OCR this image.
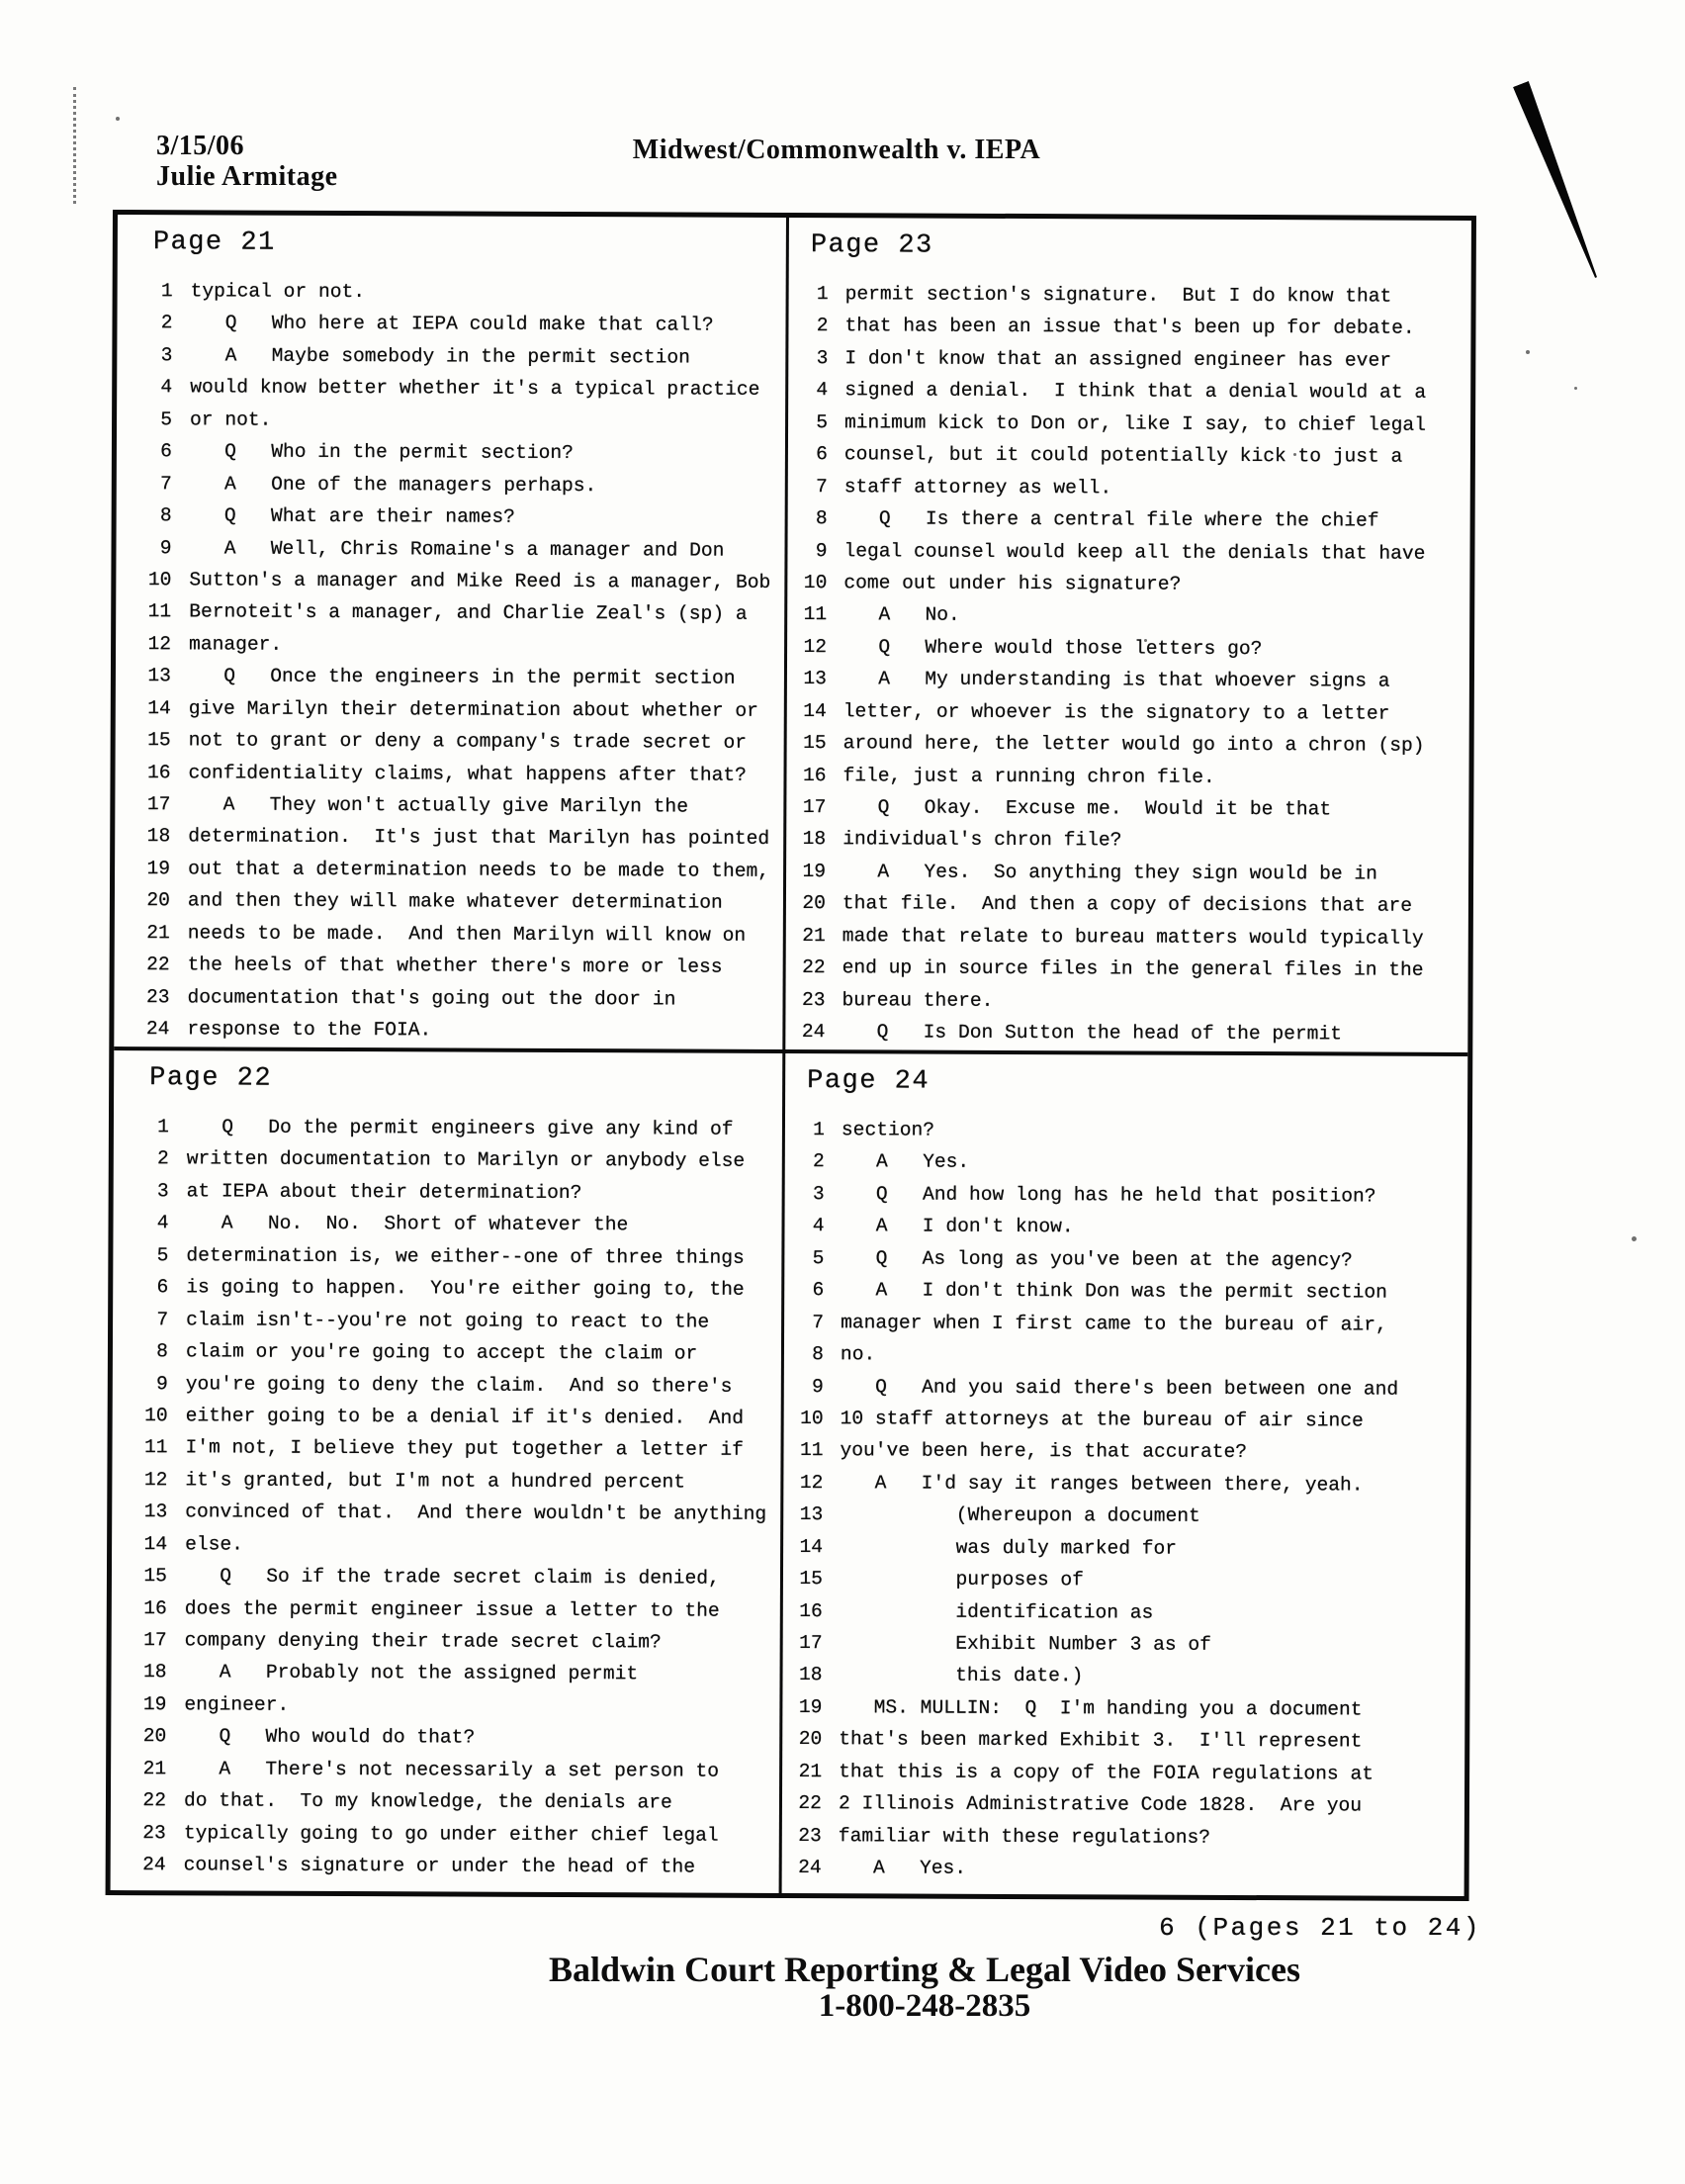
3/15/06
Julie Armitage
Midwest/Commonwealth v. IEPA
Page 21
1 typical or not.
2 Q   Who here at IEPA could make that call?
3 A   Maybe somebody in the permit section
4 would know better whether it's a typical practice
5 or not.
6 Q   Who in the permit section?
7 A   One of the managers perhaps.
8 Q   What are their names?
9 A   Well, Chris Romaine's a manager and Don
10 Sutton's a manager and Mike Reed is a manager, Bob
11 Bernoteit's a manager, and Charlie Zeal's (sp) a
12 manager.
13 Q   Once the engineers in the permit section
14 give Marilyn their determination about whether or
15 not to grant or deny a company's trade secret or
16 confidentiality claims, what happens after that?
17 A   They won't actually give Marilyn the
18 determination.  It's just that Marilyn has pointed
19 out that a determination needs to be made to them,
20 and then they will make whatever determination
21 needs to be made.  And then Marilyn will know on
22 the heels of that whether there's more or less
23 documentation that's going out the door in
24 response to the FOIA.
Page 23
1 permit section's signature.  But I do know that
2 that has been an issue that's been up for debate.
3 I don't know that an assigned engineer has ever
4 signed a denial.  I think that a denial would at a
5 minimum kick to Don or, like I say, to chief legal
6 counsel, but it could potentially kick to just a
7 staff attorney as well.
8 Q   Is there a central file where the chief
9 legal counsel would keep all the denials that have
10 come out under his signature?
11 A   No.
12 Q   Where would those letters go?
13 A   My understanding is that whoever signs a
14 letter, or whoever is the signatory to a letter
15 around here, the letter would go into a chron (sp)
16 file, just a running chron file.
17 Q   Okay.  Excuse me.  Would it be that
18 individual's chron file?
19 A   Yes.  So anything they sign would be in
20 that file.  And then a copy of decisions that are
21 made that relate to bureau matters would typically
22 end up in source files in the general files in the
23 bureau there.
24 Q   Is Don Sutton the head of the permit
Page 22
1 Q   Do the permit engineers give any kind of
2 written documentation to Marilyn or anybody else
3 at IEPA about their determination?
4 A   No.  No.  Short of whatever the
5 determination is, we either--one of three things
6 is going to happen.  You're either going to, the
7 claim isn't--you're not going to react to the
8 claim or you're going to accept the claim or
9 you're going to deny the claim.  And so there's
10 either going to be a denial if it's denied.  And
11 I'm not, I believe they put together a letter if
12 it's granted, but I'm not a hundred percent
13 convinced of that.  And there wouldn't be anything
14 else.
15 Q   So if the trade secret claim is denied,
16 does the permit engineer issue a letter to the
17 company denying their trade secret claim?
18 A   Probably not the assigned permit
19 engineer.
20 Q   Who would do that?
21 A   There's not necessarily a set person to
22 do that.  To my knowledge, the denials are
23 typically going to go under either chief legal
24 counsel's signature or under the head of the
Page 24
1 section?
2 A   Yes.
3 Q   And how long has he held that position?
4 A   I don't know.
5 Q   As long as you've been at the agency?
6 A   I don't think Don was the permit section
7 manager when I first came to the bureau of air,
8 no.
9 Q   And you said there's been between one and
10 10 staff attorneys at the bureau of air since
11 you've been here, is that accurate?
12 A   I'd say it ranges between there, yeah.
13 (Whereupon a document
14 was duly marked for
15 purposes of
16 identification as
17 Exhibit Number 3 as of
18 this date.)
19 MS. MULLIN:  Q  I'm handing you a document
20 that's been marked Exhibit 3.  I'll represent
21 that this is a copy of the FOIA regulations at
22 2 Illinois Administrative Code 1828.  Are you
23 familiar with these regulations?
24 A   Yes.
6 (Pages 21 to 24)
Baldwin Court Reporting & Legal Video Services
1-800-248-2835
